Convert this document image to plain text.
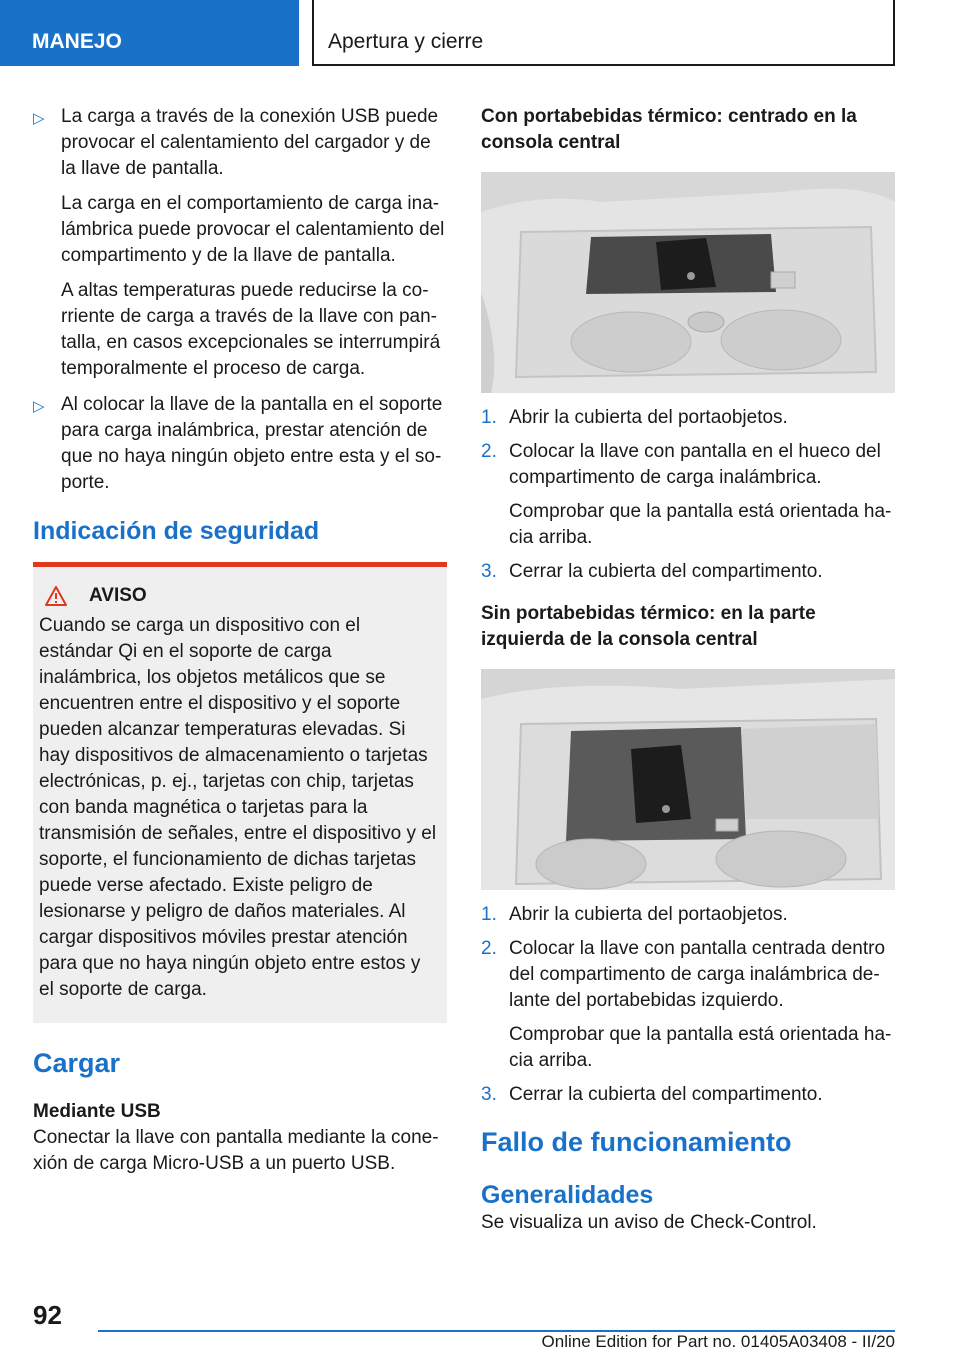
MANEJO	Apertura y cierre
▷ La carga a través de la conexión USB puede provocar el calentamiento del cargador y de la llave de pantalla.

La carga en el comportamiento de carga inalámbrica puede provocar el calentamiento del compartimento y de la llave de pantalla.

A altas temperaturas puede reducirse la corriente de carga a través de la llave con pantalla, en casos excepcionales se interrumpirá temporalmente el proceso de carga.

▷ Al colocar la llave de la pantalla en el soporte para carga inalámbrica, prestar atención de que no haya ningún objeto entre esta y el soporte.

Indicación de seguridad
AVISO

Cuando se carga un dispositivo con el estándar Qi en el soporte de carga inalámbrica, los objetos metálicos que se encuentren entre el dispositivo y el soporte pueden alcanzar temperaturas elevadas. Si hay dispositivos de almacenamiento o tarjetas electrónicas, p. ej., tarjetas con chip, tarjetas con banda magnética o tarjetas para la transmisión de señales, entre el dispositivo y el soporte, el funcionamiento de dichas tarjetas puede verse afectado. Existe peligro de lesionarse y peligro de daños materiales. Al cargar dispositivos móviles prestar atención para que no haya ningún objeto entre estos y el soporte de carga.

Cargar
Mediante USB

Conectar la llave con pantalla mediante la conexión de carga Micro-USB a un puerto USB.

Con portabebidas térmico: centrado en la consola central
1. Abrir la cubierta del portaobjetos.

2. Colocar la llave con pantalla en el hueco del compartimento de carga inalámbrica.

Comprobar que la pantalla está orientada hacia arriba.

3. Cerrar la cubierta del compartimento.

Sin portabebidas térmico: en la parte izquierda de la consola central
1. Abrir la cubierta del portaobjetos.

2. Colocar la llave con pantalla centrada dentro del compartimento de carga inalámbrica delante del portabebidas izquierdo.

Comprobar que la pantalla está orientada hacia arriba.

3. Cerrar la cubierta del compartimento.

Fallo de funcionamiento
Generalidades

Se visualiza un aviso de Check-Control.

92
Online Edition for Part no. 01405A03408 - II/20
